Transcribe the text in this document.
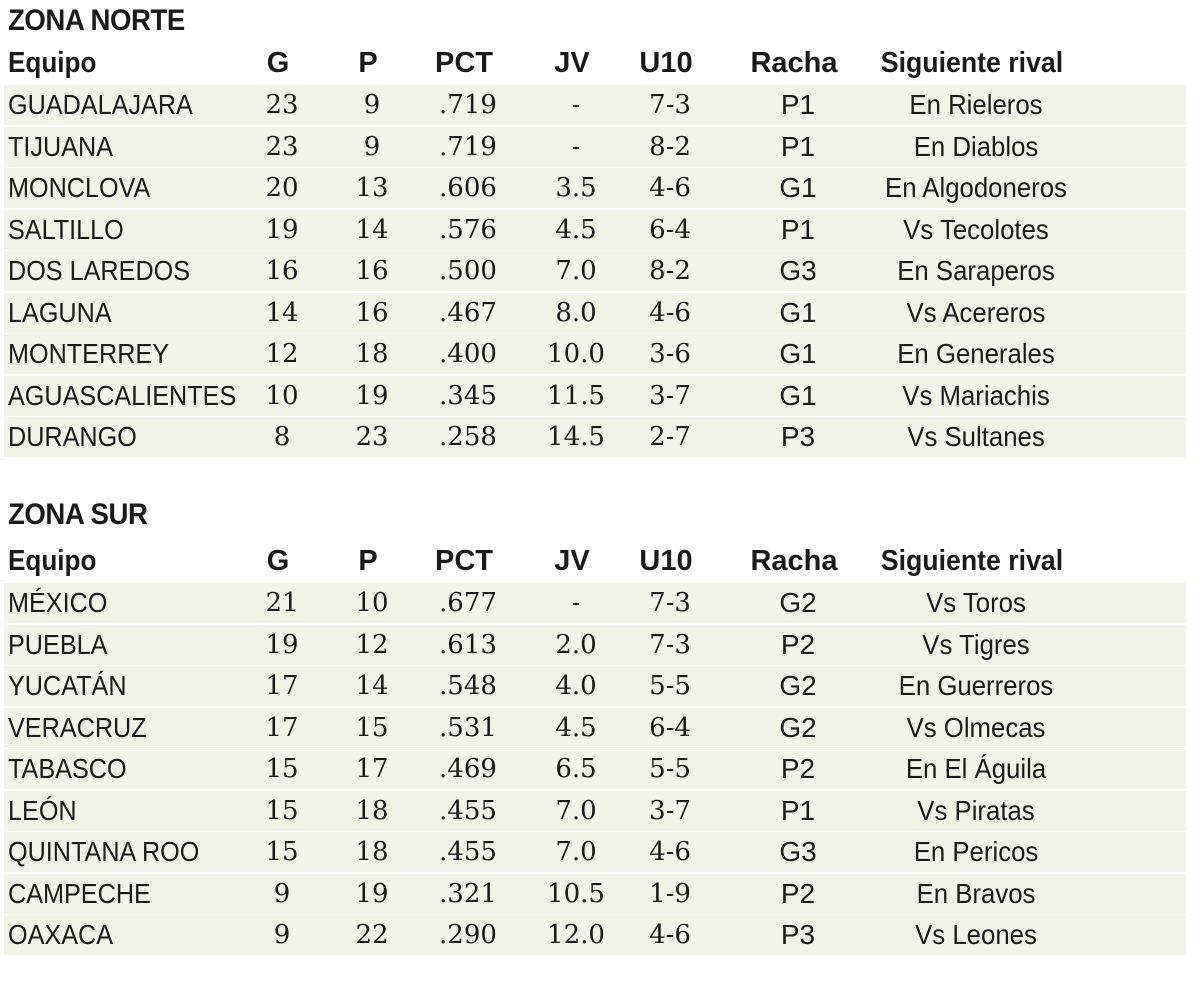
ZONA NORTE
Equipo	G	P	PCT	JV	U10	Racha	Siguiente rival
GUADALAJARA	23	9	.719	-	7-3	P1	En Rieleros
TIJUANA	23	9	.719	-	8-2	P1	En Diablos
MONCLOVA	20	13	.606	3.5	4-6	G1	En Algodoneros
SALTILLO	19	14	.576	4.5	6-4	P1	Vs Tecolotes
DOS LAREDOS	16	16	.500	7.0	8-2	G3	En Saraperos
LAGUNA	14	16	.467	8.0	4-6	G1	Vs Acereros
MONTERREY	12	18	.400	10.0	3-6	G1	En Generales
AGUASCALIENTES	10	19	.345	11.5	3-7	G1	Vs Mariachis
DURANGO	8	23	.258	14.5	2-7	P3	Vs Sultanes
ZONA SUR
Equipo	G	P	PCT	JV	U10	Racha	Siguiente rival
MÉXICO	21	10	.677	-	7-3	G2	Vs Toros
PUEBLA	19	12	.613	2.0	7-3	P2	Vs Tigres
YUCATÁN	17	14	.548	4.0	5-5	G2	En Guerreros
VERACRUZ	17	15	.531	4.5	6-4	G2	Vs Olmecas
TABASCO	15	17	.469	6.5	5-5	P2	En El Águila
LEÓN	15	18	.455	7.0	3-7	P1	Vs Piratas
QUINTANA ROO	15	18	.455	7.0	4-6	G3	En Pericos
CAMPECHE	9	19	.321	10.5	1-9	P2	En Bravos
OAXACA	9	22	.290	12.0	4-6	P3	Vs Leones
